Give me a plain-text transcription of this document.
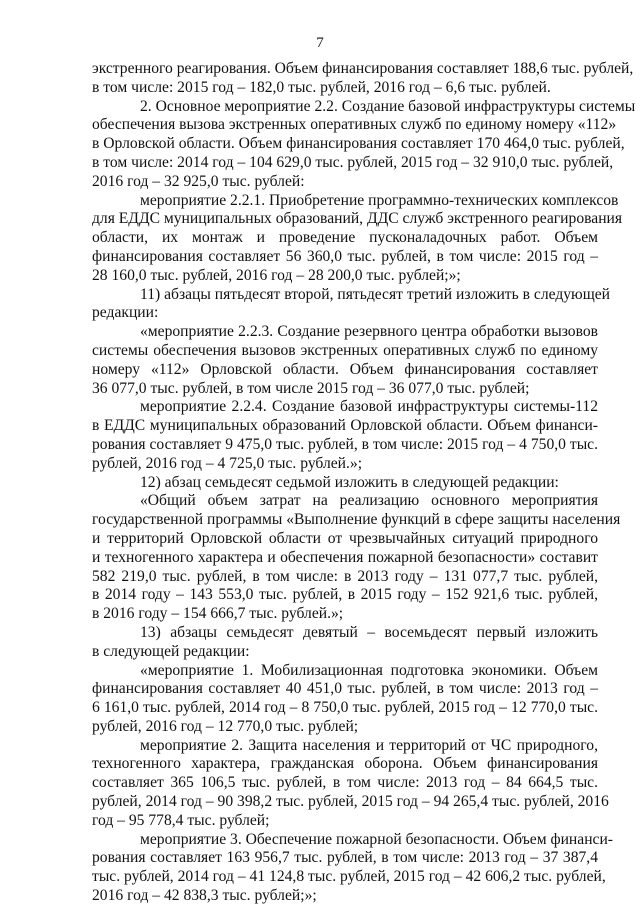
7
экстренного реагирования. Объем финансирования составляет 188,6 тыс. рублей,
в том числе: 2015 год – 182,0 тыс. рублей, 2016 год – 6,6 тыс. рублей.
2. Основное мероприятие 2.2. Создание базовой инфраструктуры системы
обеспечения вызова экстренных оперативных служб по единому номеру «112»
в Орловской области. Объем финансирования составляет 170 464,0 тыс. рублей,
в том числе: 2014 год – 104 629,0 тыс. рублей, 2015 год – 32 910,0 тыс. рублей,
2016 год – 32 925,0 тыс. рублей:
мероприятие 2.2.1. Приобретение программно-технических комплексов
для ЕДДС муниципальных образований, ДДС служб экстренного реагирования
области, их монтаж и проведение пусконаладочных работ. Объем
финансирования составляет 56 360,0 тыс. рублей, в том числе: 2015 год –
28 160,0 тыс. рублей, 2016 год – 28 200,0 тыс. рублей;»;
11) абзацы пятьдесят второй, пятьдесят третий изложить в следующей
редакции:
«мероприятие 2.2.3. Создание резервного центра обработки вызовов
системы обеспечения вызовов экстренных оперативных служб по единому
номеру «112» Орловской области. Объем финансирования составляет
36 077,0 тыс. рублей, в том числе 2015 год – 36 077,0 тыс. рублей;
мероприятие 2.2.4. Создание базовой инфраструктуры системы-112
в ЕДДС муниципальных образований Орловской области. Объем финанси-
рования составляет 9 475,0 тыс. рублей, в том числе: 2015 год – 4 750,0 тыс.
рублей, 2016 год – 4 725,0 тыс. рублей.»;
12) абзац семьдесят седьмой изложить в следующей редакции:
«Общий объем затрат на реализацию основного мероприятия
государственной программы «Выполнение функций в сфере защиты населения
и территорий Орловской области от чрезвычайных ситуаций природного
и техногенного характера и обеспечения пожарной безопасности» составит
582 219,0 тыс. рублей, в том числе: в 2013 году – 131 077,7 тыс. рублей,
в 2014 году – 143 553,0 тыс. рублей, в 2015 году – 152 921,6 тыс. рублей,
в 2016 году – 154 666,7 тыс. рублей.»;
13) абзацы семьдесят девятый – восемьдесят первый изложить
в следующей редакции:
«мероприятие 1. Мобилизационная подготовка экономики. Объем
финансирования составляет 40 451,0 тыс. рублей, в том числе: 2013 год –
6 161,0 тыс. рублей, 2014 год – 8 750,0 тыс. рублей, 2015 год – 12 770,0 тыс.
рублей, 2016 год – 12 770,0 тыс. рублей;
мероприятие 2. Защита населения и территорий от ЧС природного,
техногенного характера, гражданская оборона. Объем финансирования
составляет 365 106,5 тыс. рублей, в том числе: 2013 год – 84 664,5 тыс.
рублей, 2014 год – 90 398,2 тыс. рублей, 2015 год – 94 265,4 тыс. рублей, 2016
год – 95 778,4 тыс. рублей;
мероприятие 3. Обеспечение пожарной безопасности. Объем финанси-
рования составляет 163 956,7 тыс. рублей, в том числе: 2013 год – 37 387,4
тыс. рублей, 2014 год – 41 124,8 тыс. рублей, 2015 год – 42 606,2 тыс. рублей,
2016 год – 42 838,3 тыс. рублей;»;
